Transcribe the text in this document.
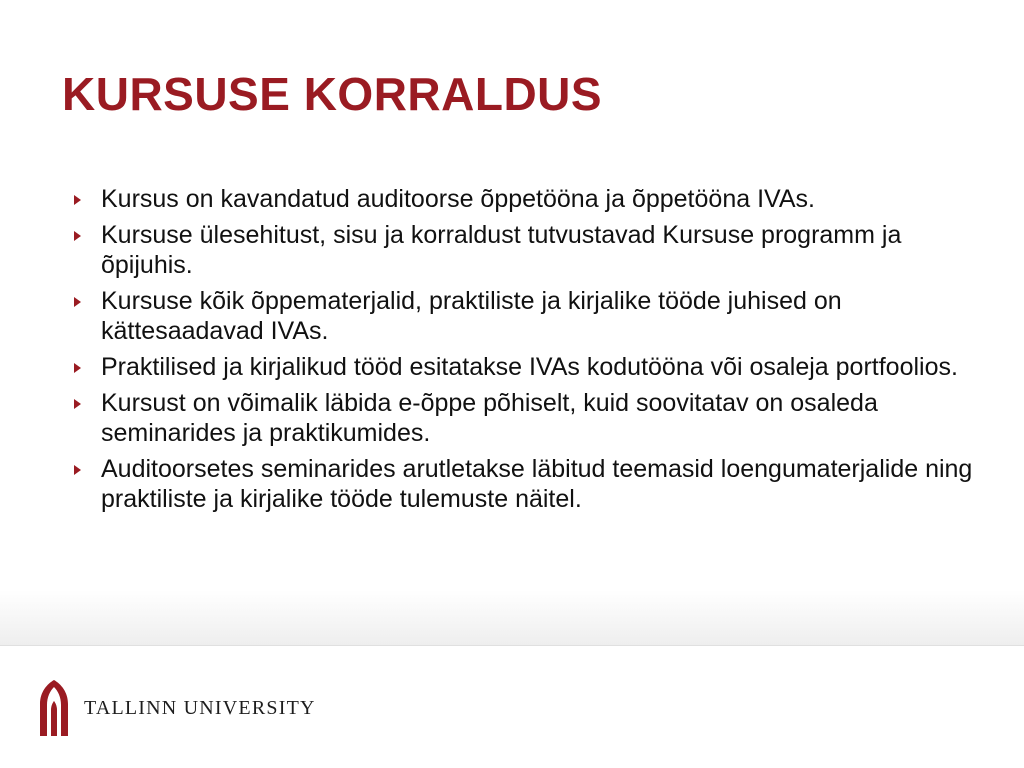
KURSUSE KORRALDUS
Kursus on kavandatud auditoorse õppetööna ja õppetööna IVAs.
Kursuse ülesehitust, sisu ja korraldust tutvustavad Kursuse programm ja õpijuhis.
Kursuse kõik õppematerjalid, praktiliste ja kirjalike tööde juhised on kättesaadavad IVAs.
Praktilised ja kirjalikud tööd esitatakse IVAs kodutööna või osaleja portfoolios.
Kursust on võimalik läbida e-õppe põhiselt, kuid soovitatav on osaleda seminarides ja praktikumides.
Auditoorsetes seminarides arutletakse läbitud teemasid loengumaterjalide ning praktiliste ja kirjalike tööde tulemuste näitel.
TALLINN UNIVERSITY
